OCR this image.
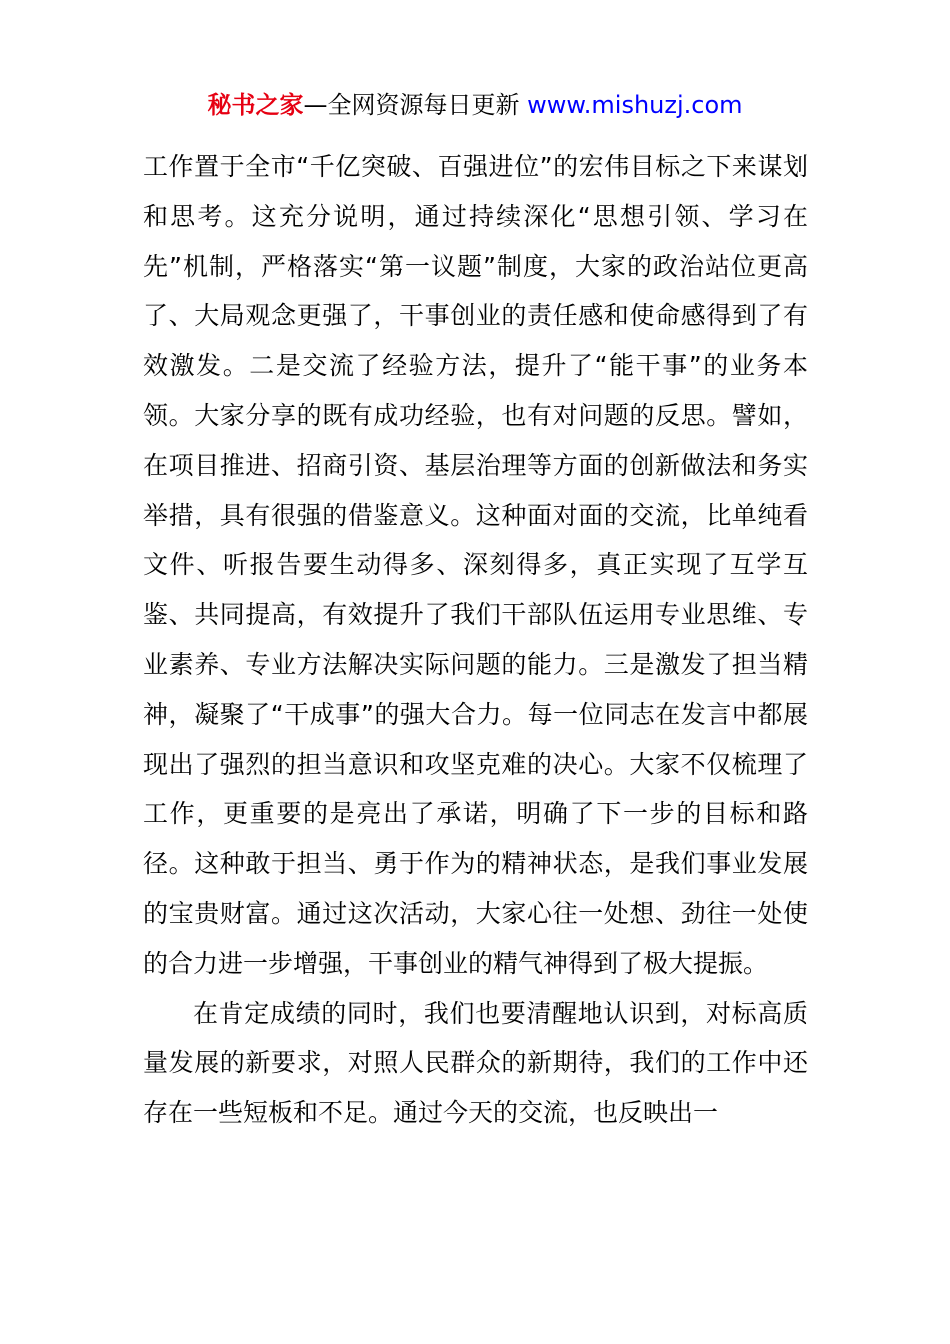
秘书之家—全网资源每日更新 www.mishuzj.com

工作置于全市“千亿突破、百强进位”的宏伟目标之下来谋划和思考。这充分说明，通过持续深化“思想引领、学习在先”机制，严格落实“第一议题”制度，大家的政治站位更高了、大局观念更强了，干事创业的责任感和使命感得到了有效激发。二是交流了经验方法，提升了“能干事”的业务本领。大家分享的既有成功经验，也有对问题的反思。譬如，在项目推进、招商引资、基层治理等方面的创新做法和务实举措，具有很强的借鉴意义。这种面对面的交流，比单纯看文件、听报告要生动得多、深刻得多，真正实现了互学互鉴、共同提高，有效提升了我们干部队伍运用专业思维、专业素养、专业方法解决实际问题的能力。三是激发了担当精神，凝聚了“干成事”的强大合力。每一位同志在发言中都展现出了强烈的担当意识和攻坚克难的决心。大家不仅梳理了工作，更重要的是亮出了承诺，明确了下一步的目标和路径。这种敢于担当、勇于作为的精神状态，是我们事业发展的宝贵财富。通过这次活动，大家心往一处想、劲往一处使的合力进一步增强，干事创业的精气神得到了极大提振。

在肯定成绩的同时，我们也要清醒地认识到，对标高质量发展的新要求，对照人民群众的新期待，我们的工作中还存在一些短板和不足。通过今天的交流，也反映出一
